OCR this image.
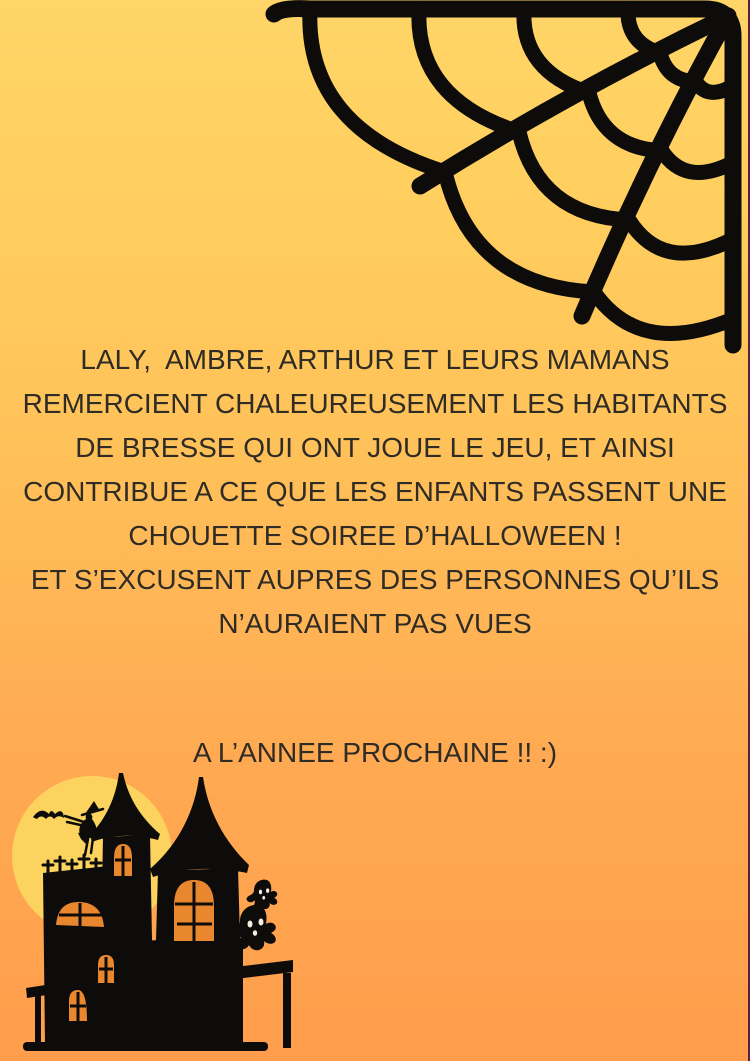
LALY,  AMBRE, ARTHUR ET LEURS MAMANS
REMERCIENT CHALEUREUSEMENT LES HABITANTS
DE BRESSE QUI ONT JOUE LE JEU, ET AINSI
CONTRIBUE A CE QUE LES ENFANTS PASSENT UNE
CHOUETTE SOIREE D’HALLOWEEN !
ET S’EXCUSENT AUPRES DES PERSONNES QU’ILS
N’AURAIENT PAS VUES
A L’ANNEE PROCHAINE !! :)
